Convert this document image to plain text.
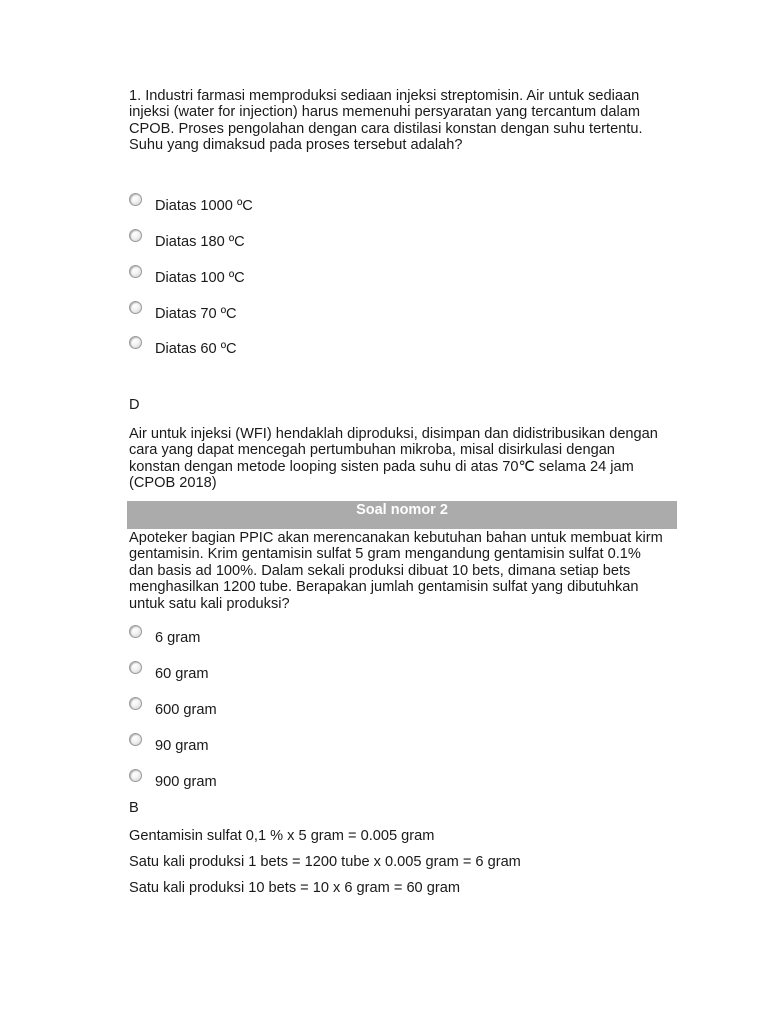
1. Industri farmasi memproduksi sediaan injeksi streptomisin. Air untuk sediaan
injeksi (water for injection) harus memenuhi persyaratan yang tercantum dalam
CPOB. Proses pengolahan dengan cara distilasi konstan dengan suhu tertentu.
Suhu yang dimaksud pada proses tersebut adalah?
Diatas 1000 ºC
Diatas 180 ºC
Diatas 100 ºC
Diatas 70 ºC
Diatas 60 ºC
D
Air untuk injeksi (WFI) hendaklah diproduksi, disimpan dan didistribusikan dengan
cara yang dapat mencegah pertumbuhan mikroba, misal disirkulasi dengan
konstan dengan metode looping sisten pada suhu di atas 70℃ selama 24 jam
(CPOB 2018)
Soal nomor 2
Apoteker bagian PPIC akan merencanakan kebutuhan bahan untuk membuat kirm
gentamisin. Krim gentamisin sulfat 5 gram mengandung gentamisin sulfat 0.1%
dan basis ad 100%. Dalam sekali produksi dibuat 10 bets, dimana setiap bets
menghasilkan 1200 tube. Berapakan jumlah gentamisin sulfat yang dibutuhkan
untuk satu kali produksi?
6 gram
60 gram
600 gram
90 gram
900 gram
B
Gentamisin sulfat 0,1 % x 5 gram = 0.005 gram
Satu kali produksi 1 bets = 1200 tube x 0.005 gram = 6 gram
Satu kali produksi 10 bets = 10 x 6 gram = 60 gram
